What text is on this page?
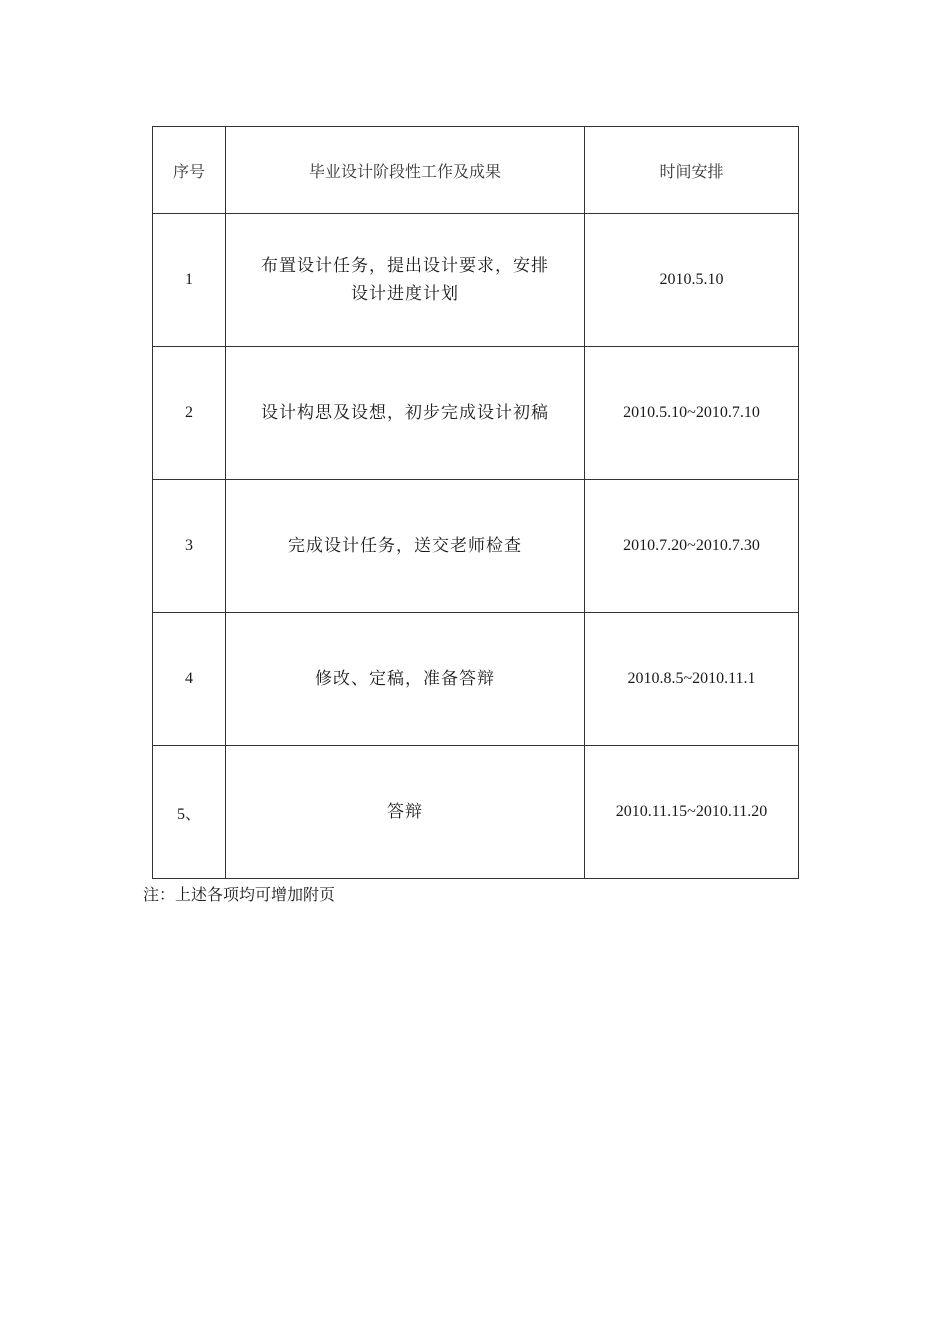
序号	毕业设计阶段性工作及成果	时间安排
1	布置设计任务，提出设计要求，安排设计进度计划	2010.5.10
2	设计构思及设想，初步完成设计初稿	2010.5.10~2010.7.10
3	完成设计任务，送交老师检查	2010.7.20~2010.7.30
4	修改、定稿，准备答辩	2010.8.5~2010.11.1
5、	答辩	2010.11.15~2010.11.20
注：上述各项均可增加附页
